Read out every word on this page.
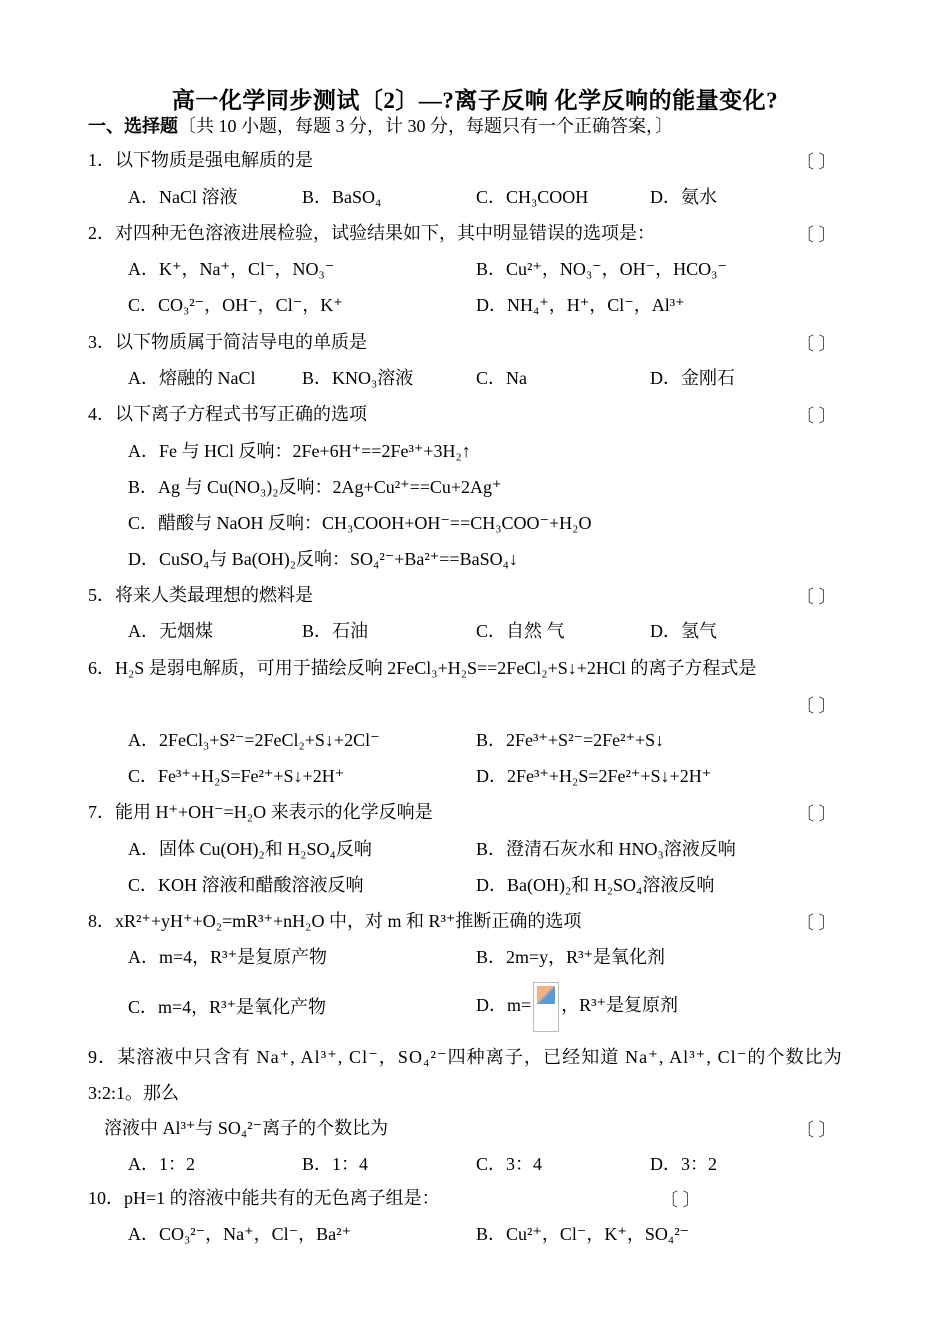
高一化学同步测试〔2〕—?离子反响 化学反响的能量变化?
一、选择题〔共 10 小题，每题 3 分，计 30 分，每题只有一个正确答案，〕
1．以下物质是强电解质的是	〔 〕
A．NaCl 溶液	B．BaSO₄	C．CH₃COOH	D．氨水
2．对四种无色溶液进展检验，试验结果如下，其中明显错误的选项是：	〔 〕
A．K⁺，Na⁺，Cl⁻，NO₃⁻	B．Cu²⁺，NO₃⁻，OH⁻，HCO₃⁻
C．CO₃²⁻，OH⁻，Cl⁻，K⁺	D．NH₄⁺，H⁺，Cl⁻，Al³⁺
3．以下物质属于简洁导电的单质是	〔 〕
A．熔融的 NaCl	B．KNO₃溶液	C．Na	D．金刚石
4．以下离子方程式书写正确的选项	〔 〕
A．Fe 与 HCl 反响：2Fe+6H⁺==2Fe³⁺+3H₂↑
B．Ag 与 Cu(NO₃)₂反响：2Ag+Cu²⁺==Cu+2Ag⁺
C．醋酸与 NaOH 反响：CH₃COOH+OH⁻==CH₃COO⁻+H₂O
D．CuSO₄与 Ba(OH)₂反响：SO₄²⁻+Ba²⁺==BaSO₄↓
5．将来人类最理想的燃料是	〔 〕
A．无烟煤	B．石油	C．自然 气	D．氢气
6．H₂S 是弱电解质，可用于描绘反响 2FeCl₃+H₂S==2FeCl₂+S↓+2HCl 的离子方程式是
〔 〕
A．2FeCl₃+S²⁻=2FeCl₂+S↓+2Cl⁻	B．2Fe³⁺+S²⁻=2Fe²⁺+S↓
C．Fe³⁺+H₂S=Fe²⁺+S↓+2H⁺	D．2Fe³⁺+H₂S=2Fe²⁺+S↓+2H⁺
7．能用 H⁺+OH⁻=H₂O 来表示的化学反响是	〔 〕
A．固体 Cu(OH)₂和 H₂SO₄反响	B．澄清石灰水和 HNO₃溶液反响
C．KOH 溶液和醋酸溶液反响	D．Ba(OH)₂和 H₂SO₄溶液反响
8．xR²⁺+yH⁺+O₂=mR³⁺+nH₂O 中，对 m 和 R³⁺推断正确的选项	〔 〕
A．m=4，R³⁺是复原产物	B．2m=y，R³⁺是氧化剂
C．m=4，R³⁺是氧化产物	D．m= ，R³⁺是复原剂
9．某溶液中只含有 Na⁺, Al³⁺, Cl⁻，SO₄²⁻四种离子，已经知道 Na⁺, Al³⁺, Cl⁻的个数比为
3:2:1。那么
溶液中 Al³⁺与 SO₄²⁻离子的个数比为	〔 〕
A．1：2	B．1：4	C．3：4	D．3：2
10．pH=1 的溶液中能共有的无色离子组是：	〔 〕
A．CO₃²⁻，Na⁺，Cl⁻，Ba²⁺	B．Cu²⁺，Cl⁻，K⁺，SO₄²⁻
